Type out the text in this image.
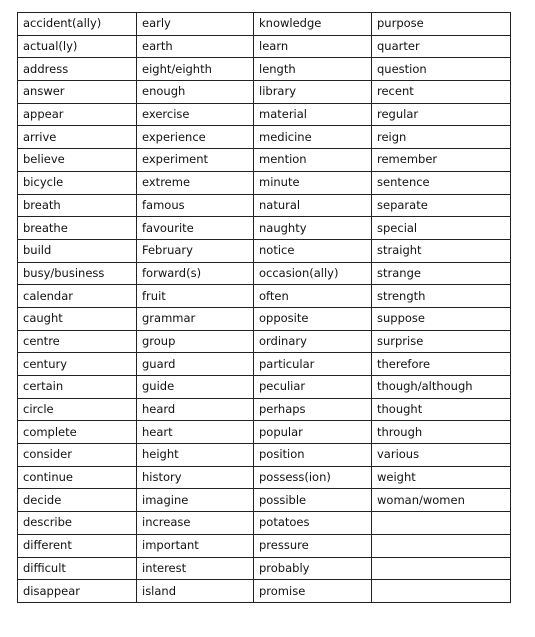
accident(ally)	early	knowledge	purpose
actual(ly)	earth	learn	quarter
address	eight/eighth	length	question
answer	enough	library	recent
appear	exercise	material	regular
arrive	experience	medicine	reign
believe	experiment	mention	remember
bicycle	extreme	minute	sentence
breath	famous	natural	separate
breathe	favourite	naughty	special
build	February	notice	straight
busy/business	forward(s)	occasion(ally)	strange
calendar	fruit	often	strength
caught	grammar	opposite	suppose
centre	group	ordinary	surprise
century	guard	particular	therefore
certain	guide	peculiar	though/although
circle	heard	perhaps	thought
complete	heart	popular	through
consider	height	position	various
continue	history	possess(ion)	weight
decide	imagine	possible	woman/women
describe	increase	potatoes	
different	important	pressure	
difficult	interest	probably	
disappear	island	promise	
